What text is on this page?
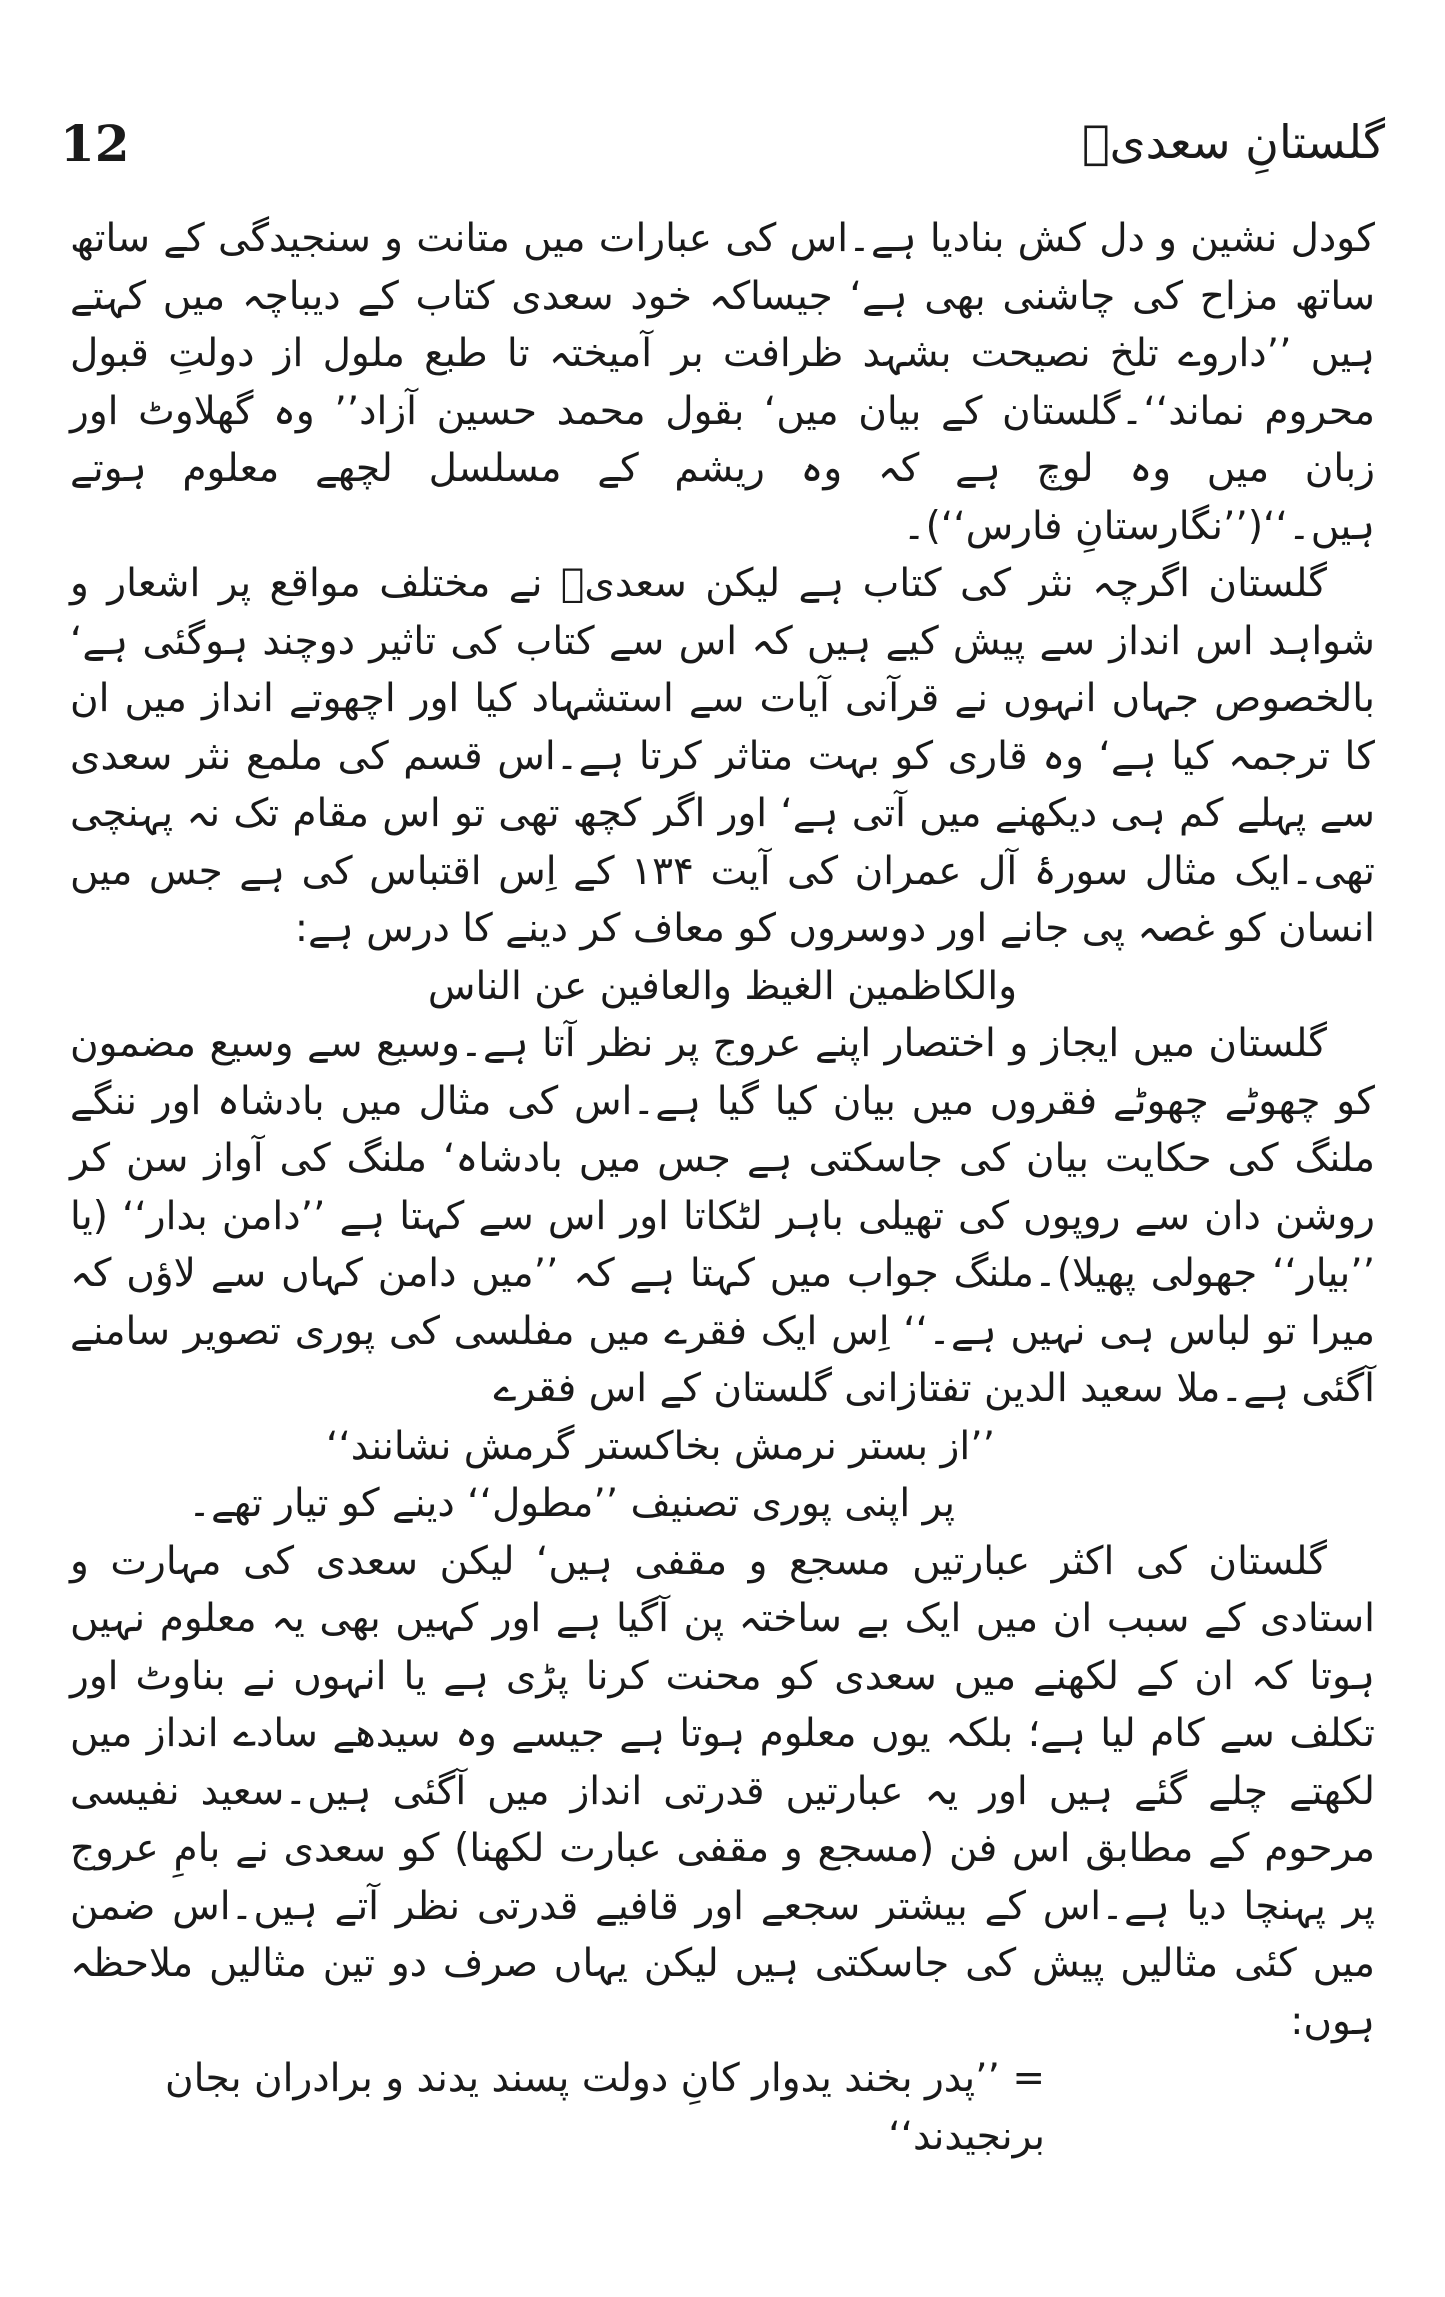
12	گلستانِ سعدیؒ

کودل نشین و دل کش بنادیا ہے۔اس کی عبارات میں متانت و سنجیدگی کے ساتھ ساتھ مزاح کی چاشنی بھی ہے‘ جیساکہ خود سعدی کتاب کے دیباچہ میں کہتے ہیں ’’داروے تلخ نصیحت بشہد ظرافت بر آمیختہ تا طبع ملول از دولتِ قبول محروم نماند‘‘۔گلستان کے بیان میں‘ بقول محمد حسین آزاد’’ وہ گھلاوٹ اور زبان میں وہ لوچ ہے کہ وہ ریشم کے مسلسل لچھے معلوم ہوتے ہیں۔‘‘(’’نگارستانِ فارس‘‘)۔

گلستان اگرچہ نثر کی کتاب ہے لیکن سعدیؒ نے مختلف مواقع پر اشعار و شواہد اس انداز سے پیش کیے ہیں کہ اس سے کتاب کی تاثیر دوچند ہوگئی ہے‘ بالخصوص جہاں انہوں نے قرآنی آیات سے استشہاد کیا اور اچھوتے انداز میں ان کا ترجمہ کیا ہے‘ وہ قاری کو بہت متاثر کرتا ہے۔اس قسم کی ملمع نثر سعدی سے پہلے کم ہی دیکھنے میں آتی ہے‘ اور اگر کچھ تھی تو اس مقام تک نہ پہنچی تھی۔ایک مثال سورۂ آل عمران کی آیت ۱۳۴ کے اِس اقتباس کی ہے جس میں انسان کو غصہ پی جانے اور دوسروں کو معاف کر دینے کا درس ہے:

والکاظمین الغیظ والعافین عن الناس

گلستان میں ایجاز و اختصار اپنے عروج پر نظر آتا ہے۔وسیع سے وسیع مضمون کو چھوٹے چھوٹے فقروں میں بیان کیا گیا ہے۔اس کی مثال میں بادشاہ اور ننگے ملنگ کی حکایت بیان کی جاسکتی ہے جس میں بادشاہ‘ ملنگ کی آواز سن کر روشن دان سے روپوں کی تھیلی باہر لٹکاتا اور اس سے کہتا ہے ’’دامن بدار‘‘ (یا ’’بیار‘‘ جھولی پھیلا)۔ملنگ جواب میں کہتا ہے کہ ’’میں دامن کہاں سے لاؤں کہ میرا تو لباس ہی نہیں ہے۔‘‘ اِس ایک فقرے میں مفلسی کی پوری تصویر سامنے آگئی ہے۔ملا سعید الدین تفتازانی گلستان کے اس فقرے

’’از بستر نرمش بخاکستر گرمش نشانند‘‘

پر اپنی پوری تصنیف ’’مطول‘‘ دینے کو تیار تھے۔

گلستان کی اکثر عبارتیں مسجع و مقفی ہیں‘ لیکن سعدی کی مہارت و استادی کے سبب ان میں ایک بے ساختہ پن آگیا ہے اور کہیں بھی یہ معلوم نہیں ہوتا کہ ان کے لکھنے میں سعدی کو محنت کرنا پڑی ہے یا انہوں نے بناوٹ اور تکلف سے کام لیا ہے؛ بلکہ یوں معلوم ہوتا ہے جیسے وہ سیدھے سادے انداز میں لکھتے چلے گئے ہیں اور یہ عبارتیں قدرتی انداز میں آگئی ہیں۔سعید نفیسی مرحوم کے مطابق اس فن (مسجع و مقفی عبارت لکھنا) کو سعدی نے بامِ عروج پر پہنچا دیا ہے۔اس کے بیشتر سجعے اور قافیے قدرتی نظر آتے ہیں۔اس ضمن میں کئی مثالیں پیش کی جاسکتی ہیں لیکن یہاں صرف دو تین مثالیں ملاحظہ ہوں:

= ’’پدر بخند یدوار کانِ دولت پسند یدند و برادران بجان برنجیدند‘‘
